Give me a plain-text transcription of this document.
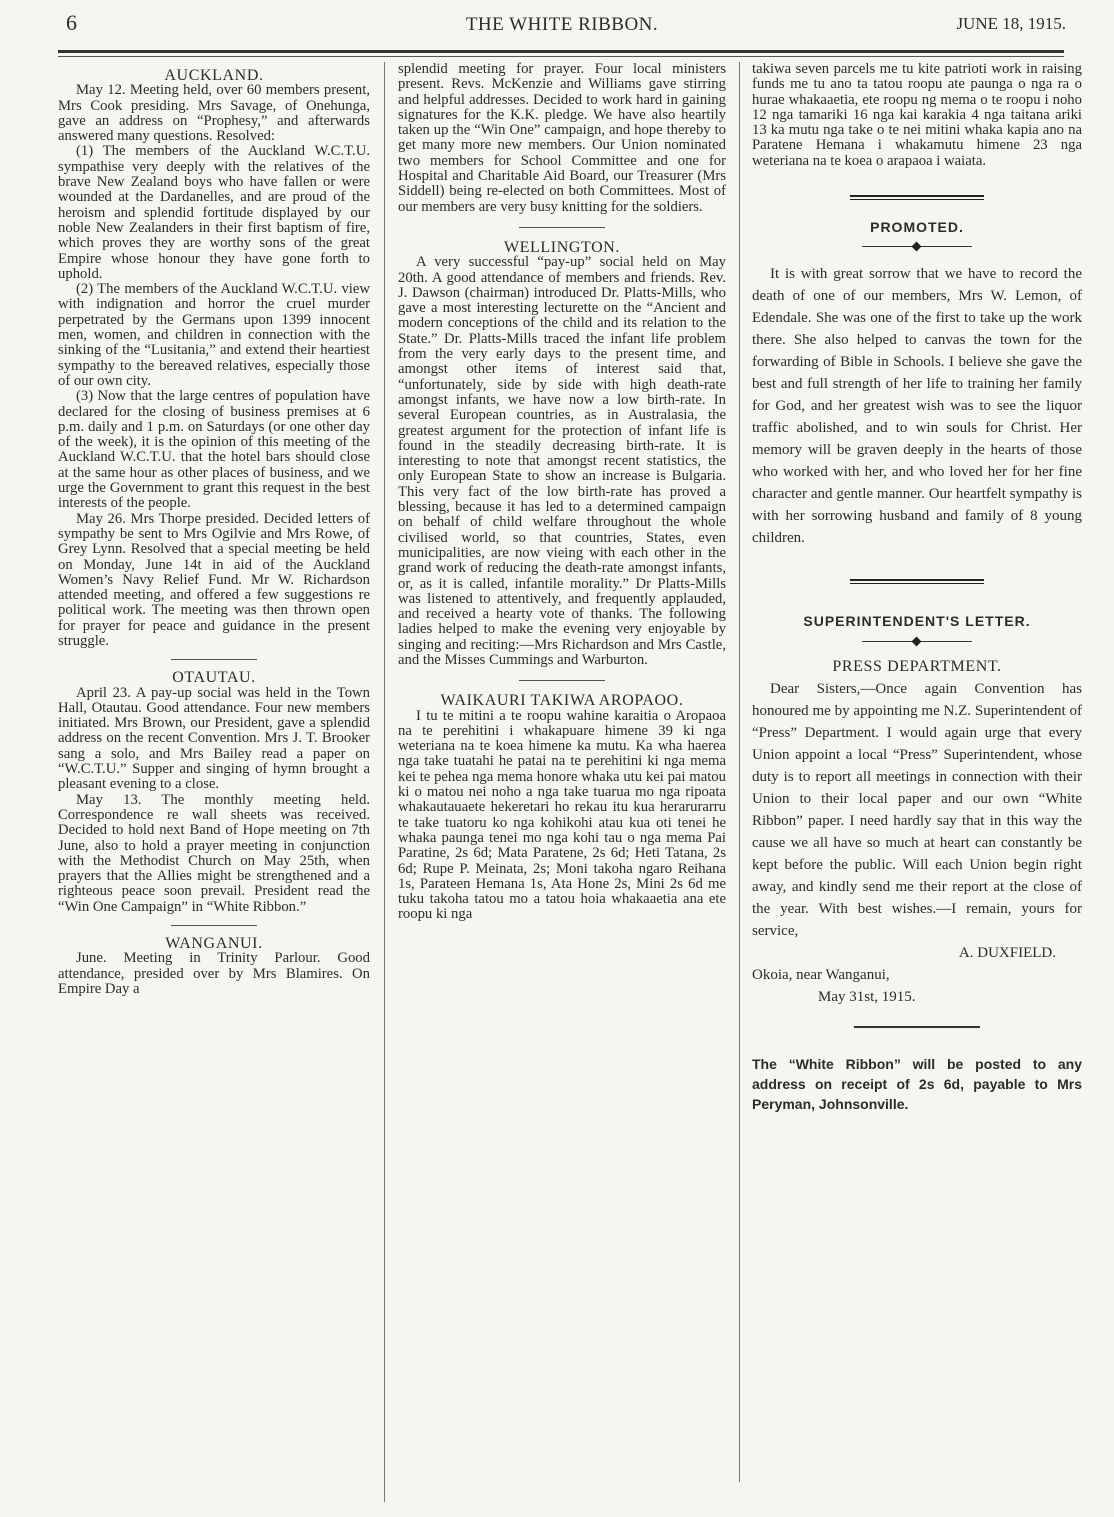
6	THE WHITE RIBBON.	JUNE 18, 1915.
AUCKLAND.

May 12. Meeting held, over 60 members present, Mrs Cook presiding. Mrs Savage, of Onehunga, gave an address on “Prophesy,” and afterwards answered many questions. Resolved:

(1) The members of the Auckland W.C.T.U. sympathise very deeply with the relatives of the brave New Zealand boys who have fallen or were wounded at the Dardanelles, and are proud of the heroism and splendid fortitude displayed by our noble New Zealanders in their first baptism of fire, which proves they are worthy sons of the great Empire whose honour they have gone forth to uphold.

(2) The members of the Auckland W.C.T.U. view with indignation and horror the cruel murder perpetrated by the Germans upon 1399 innocent men, women, and children in connection with the sinking of the “Lusitania,” and extend their heartiest sympathy to the bereaved relatives, especially those of our own city.

(3) Now that the large centres of population have declared for the closing of business premises at 6 p.m. daily and 1 p.m. on Saturdays (or one other day of the week), it is the opinion of this meeting of the Auckland W.C.T.U. that the hotel bars should close at the same hour as other places of business, and we urge the Government to grant this request in the best interests of the people.

May 26. Mrs Thorpe presided. Decided letters of sympathy be sent to Mrs Ogilvie and Mrs Rowe, of Grey Lynn. Resolved that a special meeting be held on Monday, June 14t in aid of the Auckland Women’s Navy Relief Fund. Mr W. Richardson attended meeting, and offered a few suggestions re political work. The meeting was then thrown open for prayer for peace and guidance in the present struggle.

OTAUTAU.

April 23. A pay-up social was held in the Town Hall, Otautau. Good attendance. Four new members initiated. Mrs Brown, our President, gave a splendid address on the recent Convention. Mrs J. T. Brooker sang a solo, and Mrs Bailey read a paper on “W.C.T.U.” Supper and singing of hymn brought a pleasant evening to a close.

May 13. The monthly meeting held. Correspondence re wall sheets was received. Decided to hold next Band of Hope meeting on 7th June, also to hold a prayer meeting in conjunction with the Methodist Church on May 25th, when prayers that the Allies might be strengthened and a righteous peace soon prevail. President read the “Win One Campaign” in “White Ribbon.”

WANGANUI.

June. Meeting in Trinity Parlour. Good attendance, presided over by Mrs Blamires. On Empire Day a

splendid meeting for prayer. Four local ministers present. Revs. McKenzie and Williams gave stirring and helpful addresses. Decided to work hard in gaining signatures for the K.K. pledge. We have also heartily taken up the “Win One” campaign, and hope thereby to get many more new members. Our Union nominated two members for School Committee and one for Hospital and Charitable Aid Board, our Treasurer (Mrs Siddell) being re-elected on both Committees. Most of our members are very busy knitting for the soldiers.

WELLINGTON.

A very successful “pay-up” social held on May 20th. A good attendance of members and friends. Rev. J. Dawson (chairman) introduced Dr. Platts-Mills, who gave a most interesting lecturette on the “Ancient and modern conceptions of the child and its relation to the State.” Dr. Platts-Mills traced the infant life problem from the very early days to the present time, and amongst other items of interest said that, “unfortunately, side by side with high death-rate amongst infants, we have now a low birth-rate. In several European countries, as in Australasia, the greatest argument for the protection of infant life is found in the steadily decreasing birth-rate. It is interesting to note that amongst recent statistics, the only European State to show an increase is Bulgaria. This very fact of the low birth-rate has proved a blessing, because it has led to a determined campaign on behalf of child welfare throughout the whole civilised world, so that countries, States, even municipalities, are now vieing with each other in the grand work of reducing the death-rate amongst infants, or, as it is called, infantile morality.” Dr Platts-Mills was listened to attentively, and frequently applauded, and received a hearty vote of thanks. The following ladies helped to make the evening very enjoyable by singing and reciting:—Mrs Richardson and Mrs Castle, and the Misses Cummings and Warburton.

WAIKAURI TAKIWA AROPAOO.

I tu te mitini a te roopu wahine karaitia o Aropaoa na te perehitini i whakapuare himene 39 ki nga weteriana na te koea himene ka mutu. Ka wha haerea nga take tuatahi he patai na te perehitini ki nga mema kei te pehea nga mema honore whaka utu kei pai matou ki o matou nei noho a nga take tuarua mo nga ripoata whakautauaete hekeretari ho rekau itu kua herarurarru te take tuatoru ko nga kohikohi atau kua oti tenei he whaka paunga tenei mo nga kohi tau o nga mema Pai Paratine, 2s 6d; Mata Paratene, 2s 6d; Heti Tatana, 2s 6d; Rupe P. Meinata, 2s; Moni takoha ngaro Reihana 1s, Parateen Hemana 1s, Ata Hone 2s, Mini 2s 6d me tuku takoha tatou mo a tatou hoia whakaaetia ana ete roopu ki nga

takiwa seven parcels me tu kite patrioti work in raising funds me tu ano ta tatou roopu ate paunga o nga ra o hurae whakaaetia, ete roopu ng mema o te roopu i noho 12 nga tamariki 16 nga kai karakia 4 nga taitana ariki 13 ka mutu nga take o te nei mitini whaka kapia ano na Paratene Hemana i whakamutu himene 23 nga weteriana na te koea o arapaoa i waiata.

PROMOTED.

It is with great sorrow that we have to record the death of one of our members, Mrs W. Lemon, of Edendale. She was one of the first to take up the work there. She also helped to canvas the town for the forwarding of Bible in Schools. I believe she gave the best and full strength of her life to training her family for God, and her greatest wish was to see the liquor traffic abolished, and to win souls for Christ. Her memory will be graven deeply in the hearts of those who worked with her, and who loved her for her fine character and gentle manner. Our heartfelt sympathy is with her sorrowing husband and family of 8 young children.

SUPERINTENDENT'S LETTER.
PRESS DEPARTMENT.

Dear Sisters,—Once again Convention has honoured me by appointing me N.Z. Superintendent of “Press” Department. I would again urge that every Union appoint a local “Press” Superintendent, whose duty is to report all meetings in connection with their Union to their local paper and our own “White Ribbon” paper. I need hardly say that in this way the cause we all have so much at heart can constantly be kept before the public. Will each Union begin right away, and kindly send me their report at the close of the year. With best wishes.—I remain, yours for service,

A. DUXFIELD.

Okoia, near Wanganui,

May 31st, 1915.

The “White Ribbon” will be posted to any address on receipt of 2s 6d, payable to Mrs Peryman, Johnsonville.
